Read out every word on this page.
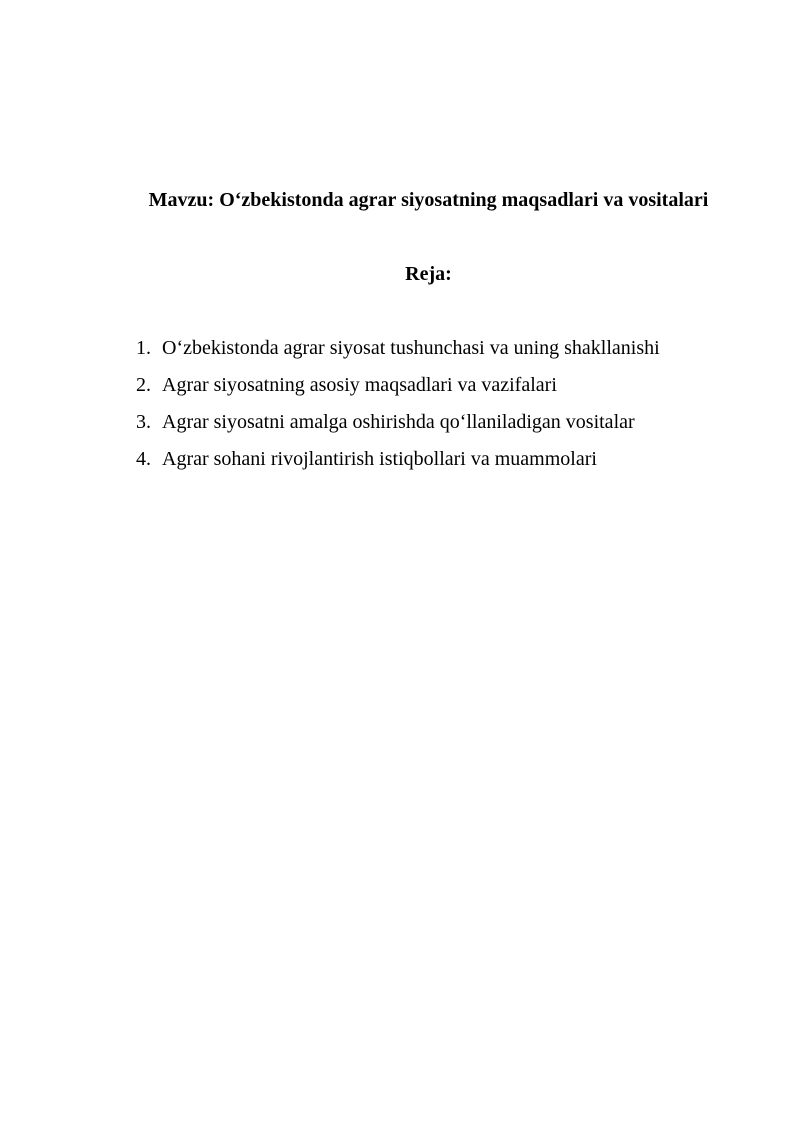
Mavzu: O‘zbekistonda agrar siyosatning maqsadlari va vositalari
Reja:
1. O‘zbekistonda agrar siyosat tushunchasi va uning shakllanishi
2. Agrar siyosatning asosiy maqsadlari va vazifalari
3. Agrar siyosatni amalga oshirishda qo‘llaniladigan vositalar
4. Agrar sohani rivojlantirish istiqbollari va muammolari
